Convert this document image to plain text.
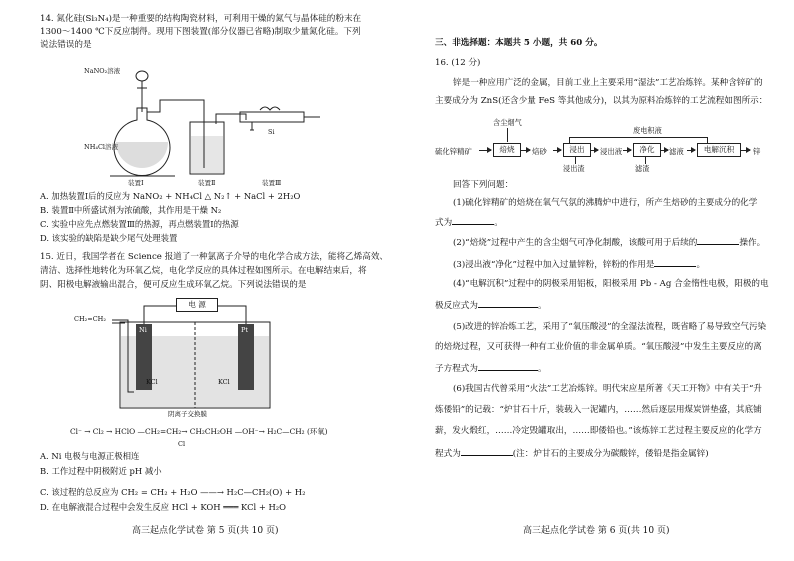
14. 氮化硅(Si₃N₄)是一种重要的结构陶瓷材料，可利用干燥的氮气与晶体硅的粉末在
1300～1400 ℃下反应制得。现用下图装置(部分仪器已省略)制取少量氮化硅。下列
说法错误的是
NaNO₂溶液
NH₄Cl溶液
Si
装置Ⅰ	装置Ⅱ	装置Ⅲ
A. 加热装置Ⅰ后的反应为 NaNO₂ + NH₄Cl △ N₂↑ + NaCl + 2H₂O
B. 装置Ⅱ中所盛试剂为浓硫酸，其作用是干燥 N₂
C. 实验中应先点燃装置Ⅲ的热源，再点燃装置Ⅰ的热源
D. 该实验的缺陷是缺少尾气处理装置
15. 近日，我国学者在 Science 报道了一种氯离子介导的电化学合成方法，能将乙烯高效、
清洁、选择性地转化为环氧乙烷，电化学反应的具体过程如图所示。在电解结束后，将
阴、阳极电解液输出混合，便可反应生成环氧乙烷。下列说法错误的是
电 源
CH₂=CH₂
Ni	Pt
KCl	KCl
阴离子交换膜
Cl⁻ → Cl₂ → HClO —CH₂=CH₂→ CH₂CH₂OH —OH⁻→ H₂C—CH₂ (环氧)
Cl
A. Ni 电极与电源正极相连
B. 工作过程中阴极附近 pH 减小
C. 该过程的总反应为 CH₂ = CH₂ + H₂O ——→ H₂C—CH₂(O) + H₂
D. 在电解液混合过程中会发生反应 HCl + KOH ═══ KCl + H₂O
高三起点化学试卷 第 5 页(共 10 页)
三、非选择题：本题共 5 小题，共 60 分。
16. (12 分)
锌是一种应用广泛的金属，目前工业上主要采用“湿法”工艺冶炼锌。某种含锌矿的
主要成分为 ZnS(还含少量 FeS 等其他成分)，以其为原料冶炼锌的工艺流程如图所示：
含尘烟气
废电积液
硫化锌精矿	焙烧	焙砂	浸出	浸出液	净化	滤液	电解沉积	锌
浸出渣	滤渣
回答下列问题：
(1)硫化锌精矿的焙烧在氧气气氛的沸腾炉中进行，所产生焙砂的主要成分的化学
式为	。
(2)“焙烧”过程中产生的含尘烟气可净化制酸，该酸可用于后续的	操作。
(3)浸出液“净化”过程中加入过量锌粉，锌粉的作用是	。
(4)“电解沉积”过程中的阴极采用铝板，阳极采用 Pb - Ag 合金惰性电极，阳极的电
极反应式为	。
(5)改进的锌冶炼工艺，采用了“氧压酸浸”的全湿法流程，既省略了易导致空气污染
的焙烧过程，又可获得一种有工业价值的非金属单质。“氧压酸浸”中发生主要反应的离
子方程式为	。
(6)我国古代曾采用“火法”工艺冶炼锌。明代宋应星所著《天工开物》中有关于“升
炼倭铅”的记载：“炉甘石十斤，装载入一泥罐内，……然后逐层用煤炭饼垫盛，其底铺
薪，发火煅红，……冷定毁罐取出，……即倭铅也。”该炼锌工艺过程主要反应的化学方
程式为	(注：炉甘石的主要成分为碳酸锌，倭铅是指金属锌)
高三起点化学试卷 第 6 页(共 10 页)
